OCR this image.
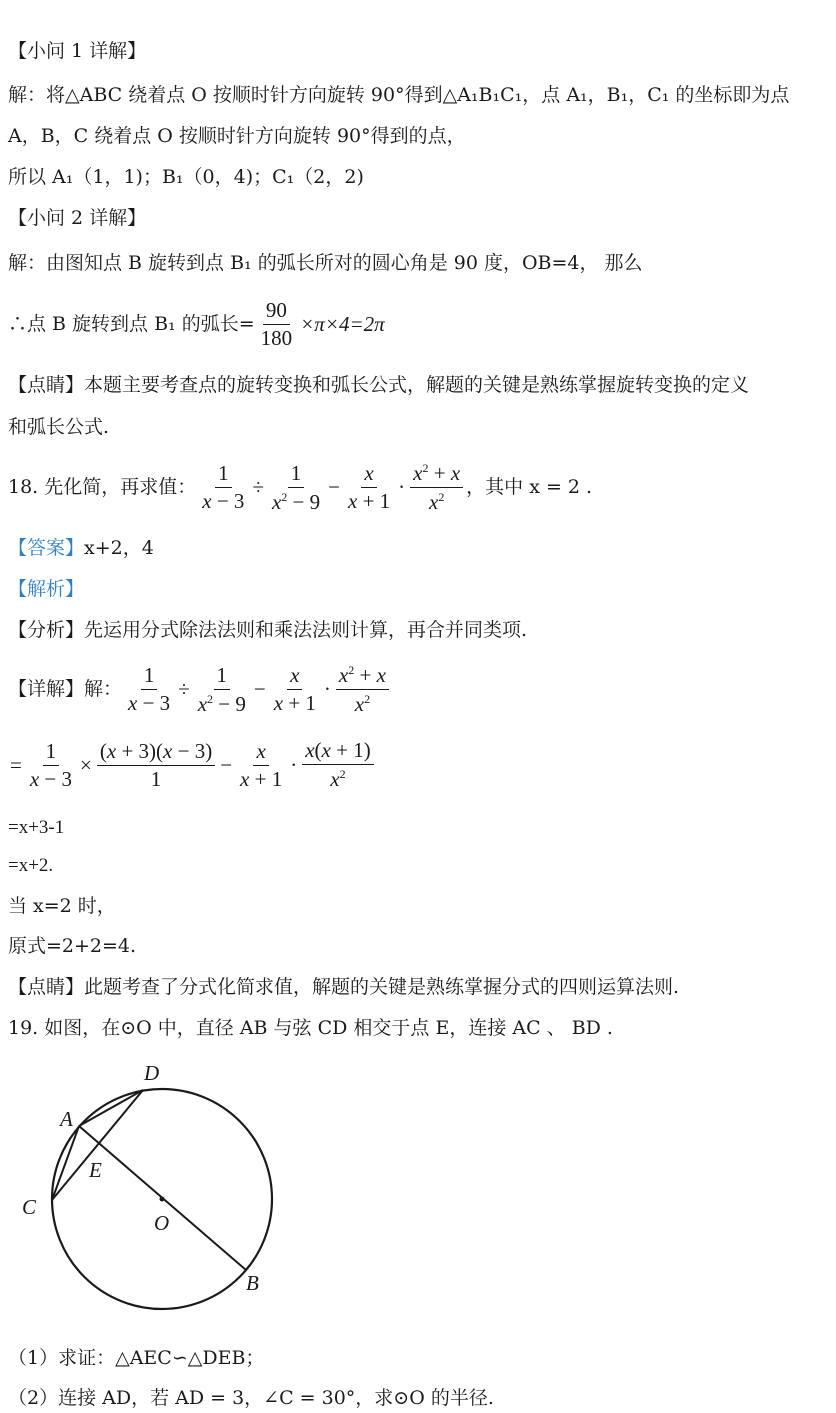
【小问 1 详解】
解：将△ABC 绕着点 O 按顺时针方向旋转 90°得到△A₁B₁C₁，点 A₁，B₁，C₁ 的坐标即为点
A，B，C 绕着点 O 按顺时针方向旋转 90°得到的点，
所以 A₁（1，1)；B₁（0，4)；C₁（2，2)
【小问 2 详解】
解：由图知点 B 旋转到点 B₁ 的弧长所对的圆心角是 90 度，OB=4， 那么
∴点 B 旋转到点 B₁ 的弧长= $\frac{90}{180} \times\pi\times 4=2\pi$
【点睛】本题主要考查点的旋转变换和弧长公式，解题的关键是熟练掌握旋转变换的定义
和弧长公式.
18. 先化简，再求值： $\frac{1}{x - 3} \div \frac{1}{x^2 - 9} - \frac{x}{x + 1} \cdot \frac{x^2 + x}{x^2}$ ，其中 x = 2 .
【答案】x+2，4
【解析】
【分析】先运用分式除法法则和乘法法则计算，再合并同类项.
【详解】解： $\frac{1}{x - 3} \div \frac{1}{x^2 - 9} - \frac{x}{x + 1} \cdot \frac{x^2 + x}{x^2}$
= $\frac{1}{x - 3} \times \frac{(x + 3)(x - 3)}{1} - \frac{x}{x + 1} \cdot \frac{x(x + 1)}{x^2}$
=x+3-1
=x+2.
当 x=2 时，
原式=2+2=4.
【点睛】此题考查了分式化简求值，解题的关键是熟练掌握分式的四则运算法则.
19. 如图，在⊙O 中，直径 AB 与弦 CD 相交于点 E，连接 AC 、 BD .
D
A
E
C
O
B
（1）求证：△AEC∽△DEB；
（2）连接 AD，若 AD = 3，∠C = 30°，求⊙O 的半径.
